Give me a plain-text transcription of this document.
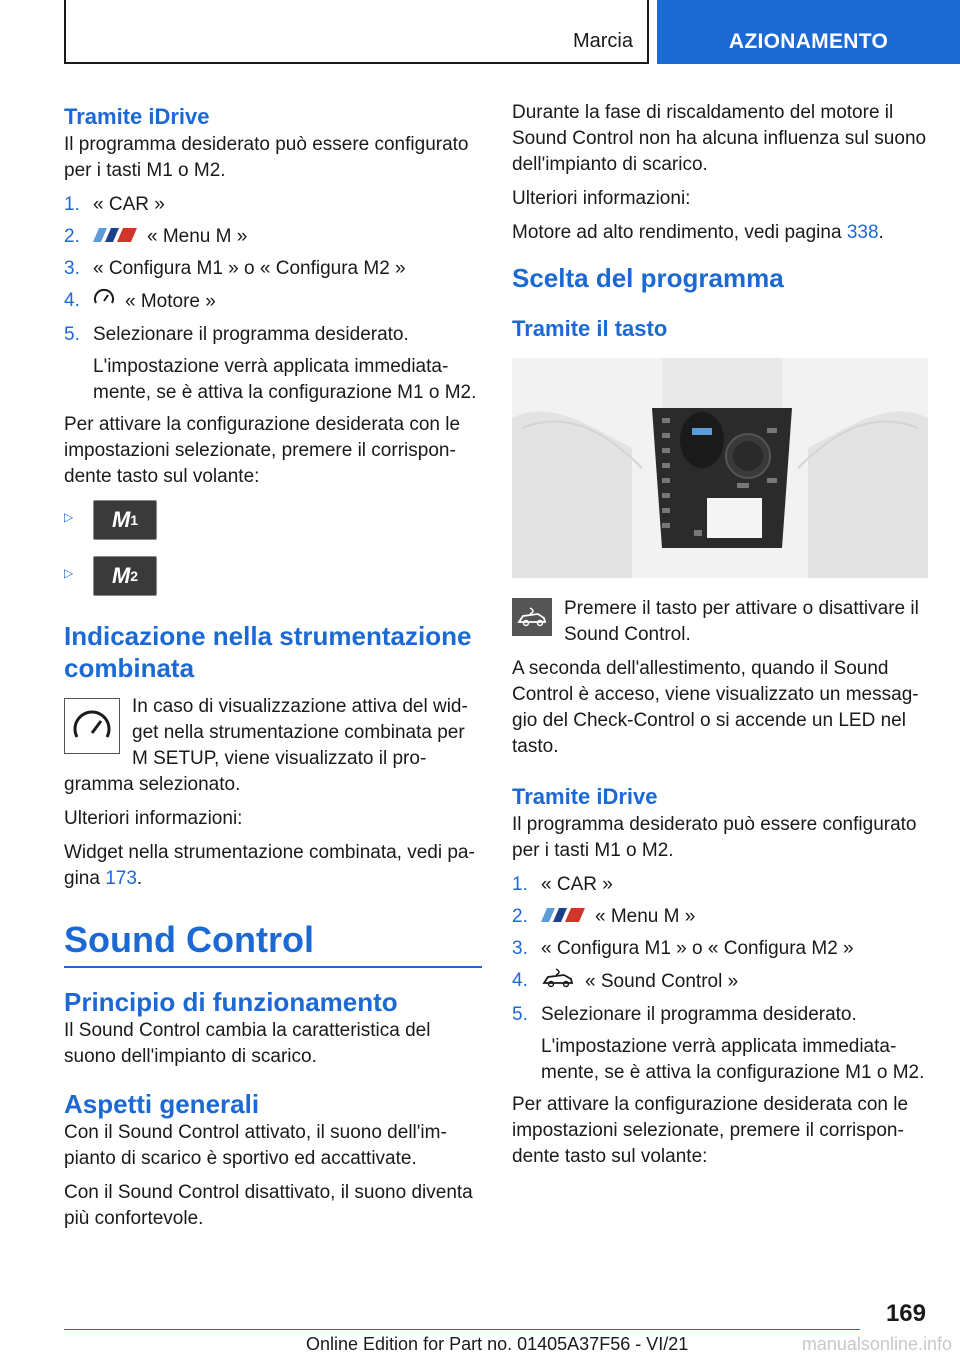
Marcia	AZIONAMENTO
Tramite iDrive

Il programma desiderato può essere configurato per i tasti M1 o M2.

1. « CAR »
2.	« Menu M »
3. « Configura M1 » o « Configura M2 »
4. « Motore »
5. Selezionare il programma desiderato.
L'impostazione verrà applicata immediatamente, se è attiva la configurazione M1 o M2.

Per attivare la configurazione desiderata con le impostazioni selezionate, premere il corrispondente tasto sul volante:

▷	M 1
▷	M 2
Indicazione nella strumentazione combinata

In caso di visualizzazione attiva del widget nella strumentazione combinata per M SETUP, viene visualizzato il programma selezionato.

Ulteriori informazioni:

Widget nella strumentazione combinata, vedi pagina 173.

Sound Control
Principio di funzionamento

Il Sound Control cambia la caratteristica del suono dell'impianto di scarico.

Aspetti generali

Con il Sound Control attivato, il suono dell'impianto di scarico è sportivo ed accattivate.

Con il Sound Control disattivato, il suono diventa più confortevole.

Durante la fase di riscaldamento del motore il Sound Control non ha alcuna influenza sul suono dell'impianto di scarico.

Ulteriori informazioni:

Motore ad alto rendimento, vedi pagina 338.

Scelta del programma
Tramite il tasto

Premere il tasto per attivare o disattivare il Sound Control.

A seconda dell'allestimento, quando il Sound Control è acceso, viene visualizzato un messaggio del Check-Control o si accende un LED nel tasto.

Tramite iDrive

Il programma desiderato può essere configurato per i tasti M1 o M2.

1. « CAR »
2.	« Menu M »
3. « Configura M1 » o « Configura M2 »
4.	« Sound Control »
5. Selezionare il programma desiderato.
L'impostazione verrà applicata immediatamente, se è attiva la configurazione M1 o M2.

Per attivare la configurazione desiderata con le impostazioni selezionate, premere il corrispondente tasto sul volante:

169
Online Edition for Part no. 01405A37F56 - VI/21	manualsonline.info
